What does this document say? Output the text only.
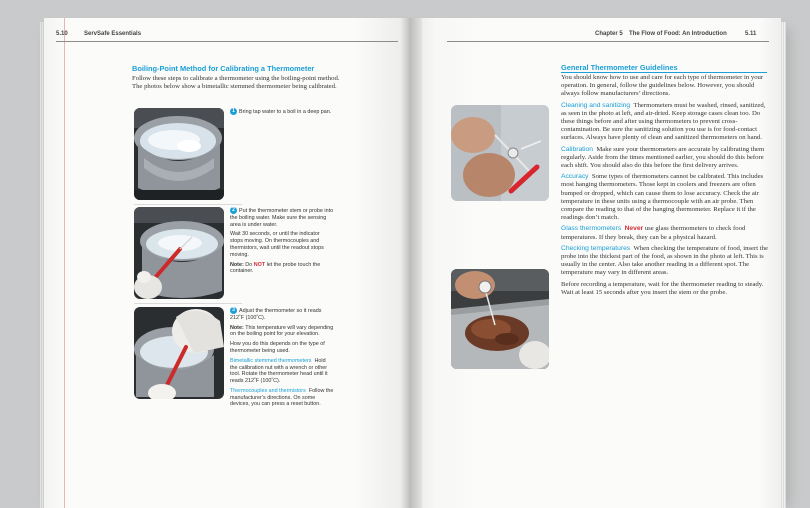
5.10	ServSafe Essentials
Boiling-Point Method for Calibrating a Thermometer
Follow these steps to calibrate a thermometer using the boiling-point method. The photos below show a bimetallic stemmed thermometer being calibrated.
1 Bring tap water to a boil in a deep pan.

2 Put the thermometer stem or probe into the boiling water. Make sure the sensing area is under water.

Wait 30 seconds, or until the indicator stops moving. On thermocouples and thermistors, wait until the readout stops moving.

Note: Do NOT let the probe touch the container.

3 Adjust the thermometer so it reads 212˚F (100˚C).

Note: This temperature will vary depending on the boiling point for your elevation.

How you do this depends on the type of thermometer being used.

Bimetallic stemmed thermometers Hold the calibration nut with a wrench or other tool. Rotate the thermometer head until it reads 212˚F (100˚C).

Thermocouples and thermistors Follow the manufacturer’s directions. On some devices, you can press a reset button.

Chapter 5 The Flow of Food: An Introduction	5.11
General Thermometer Guidelines
You should know how to use and care for each type of thermometer in your operation. In general, follow the guidelines below. However, you should always follow manufacturers’ directions.
Cleaning and sanitizing Thermometers must be washed, rinsed, sanitized, as seen in the photo at left, and air-dried. Keep storage cases clean too. Do these things before and after using thermometers to prevent cross-contamination. Be sure the sanitizing solution you use is for food-contact surfaces. Always have plenty of clean and sanitized thermometers on hand.
Calibration Make sure your thermometers are accurate by calibrating them regularly. Aside from the times mentioned earlier, you should do this before each shift. You should also do this before the first delivery arrives.
Accuracy Some types of thermometers cannot be calibrated. This includes most hanging thermometers. Those kept in coolers and freezers are often bumped or dropped, which can cause them to lose accuracy. Check the air temperature in these units using a thermocouple with an air probe. Then compare the reading to that of the hanging thermometer. Replace it if the readings don’t match.
Glass thermometers Never use glass thermometers to check food temperatures. If they break, they can be a physical hazard.
Checking temperatures When checking the temperature of food, insert the probe into the thickest part of the food, as shown in the photo at left. This is usually in the center. Also take another reading in a different spot. The temperature may vary in different areas.
Before recording a temperature, wait for the thermometer reading to steady. Wait at least 15 seconds after you insert the stem or the probe.
